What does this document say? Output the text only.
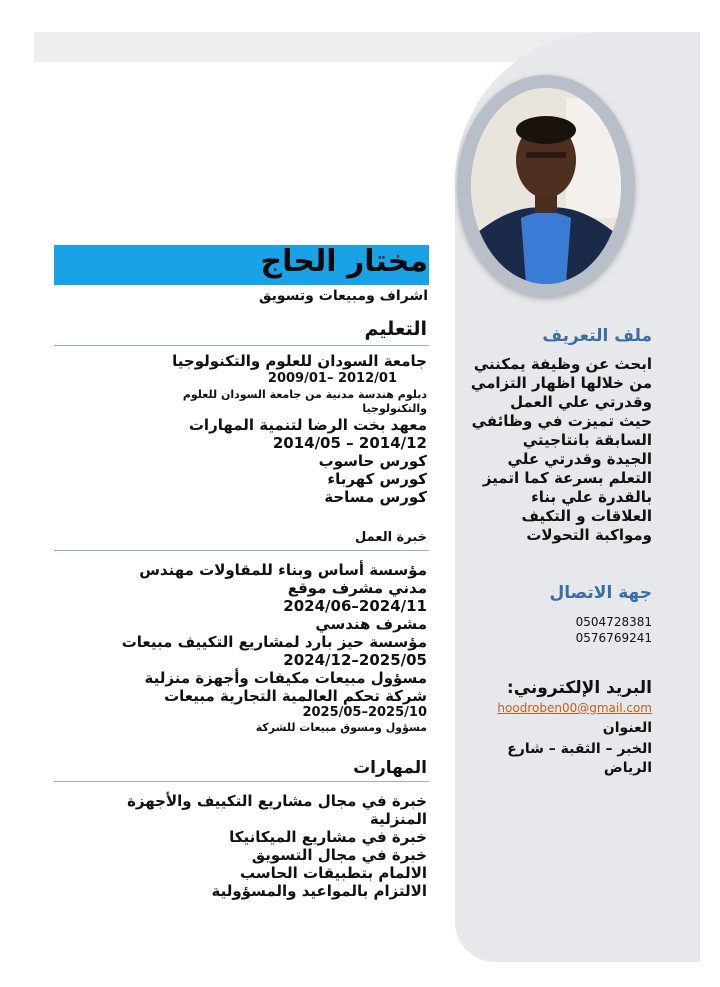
مختار الحاج
اشراف ومبيعات وتسويق
التعليم
جامعة السودان للعلوم والتكنولوجيا
2012/01 –2009/01
دبلوم هندسة مدنية من جامعة السودان للعلوم
والتكنولوجيا
معهد بخت الرضا لتنمية المهارات
2014/12 – 2014/05
كورس حاسوب
كورس كهرباء
كورس مساحة
خبرة العمل
مؤسسة أساس وبناء للمقاولات مهندس
مدني مشرف موقع
2024/11–2024/06
مشرف هندسي
مؤسسة حيز بارد لمشاريع التكييف مبيعات
2025/05–2024/12
مسؤول مبيعات مكيفات وأجهزة منزلية
شركة تحكم العالمية التجارية مبيعات
2025/10–2025/05
مسؤول ومسوق مبيعات للشركة
المهارات
خبرة في مجال مشاريع التكييف والأجهزة
المنزلية
خبرة في مشاريع الميكانيكا
خبرة في مجال التسويق
الالمام بتطبيقات الحاسب
الالتزام بالمواعيد والمسؤولية
ملف التعريف
ابحث عن وظيفة يمكنني
من خلالها اظهار التزامي
وقدرتي علي العمل
حيث تميزت في وظائفي
السابقة بانتاجيتي
الجيدة وقدرتي علي
التعلم بسرعة كما اتميز
بالقدرة علي بناء
العلاقات و التكيف
ومواكبة التحولات
جهة الاتصال
0504728381
0576769241
البريد الإلكتروني:
hoodroben00@gmail.com
العنوان
الخبر – الثقبة – شارع
الرياض
